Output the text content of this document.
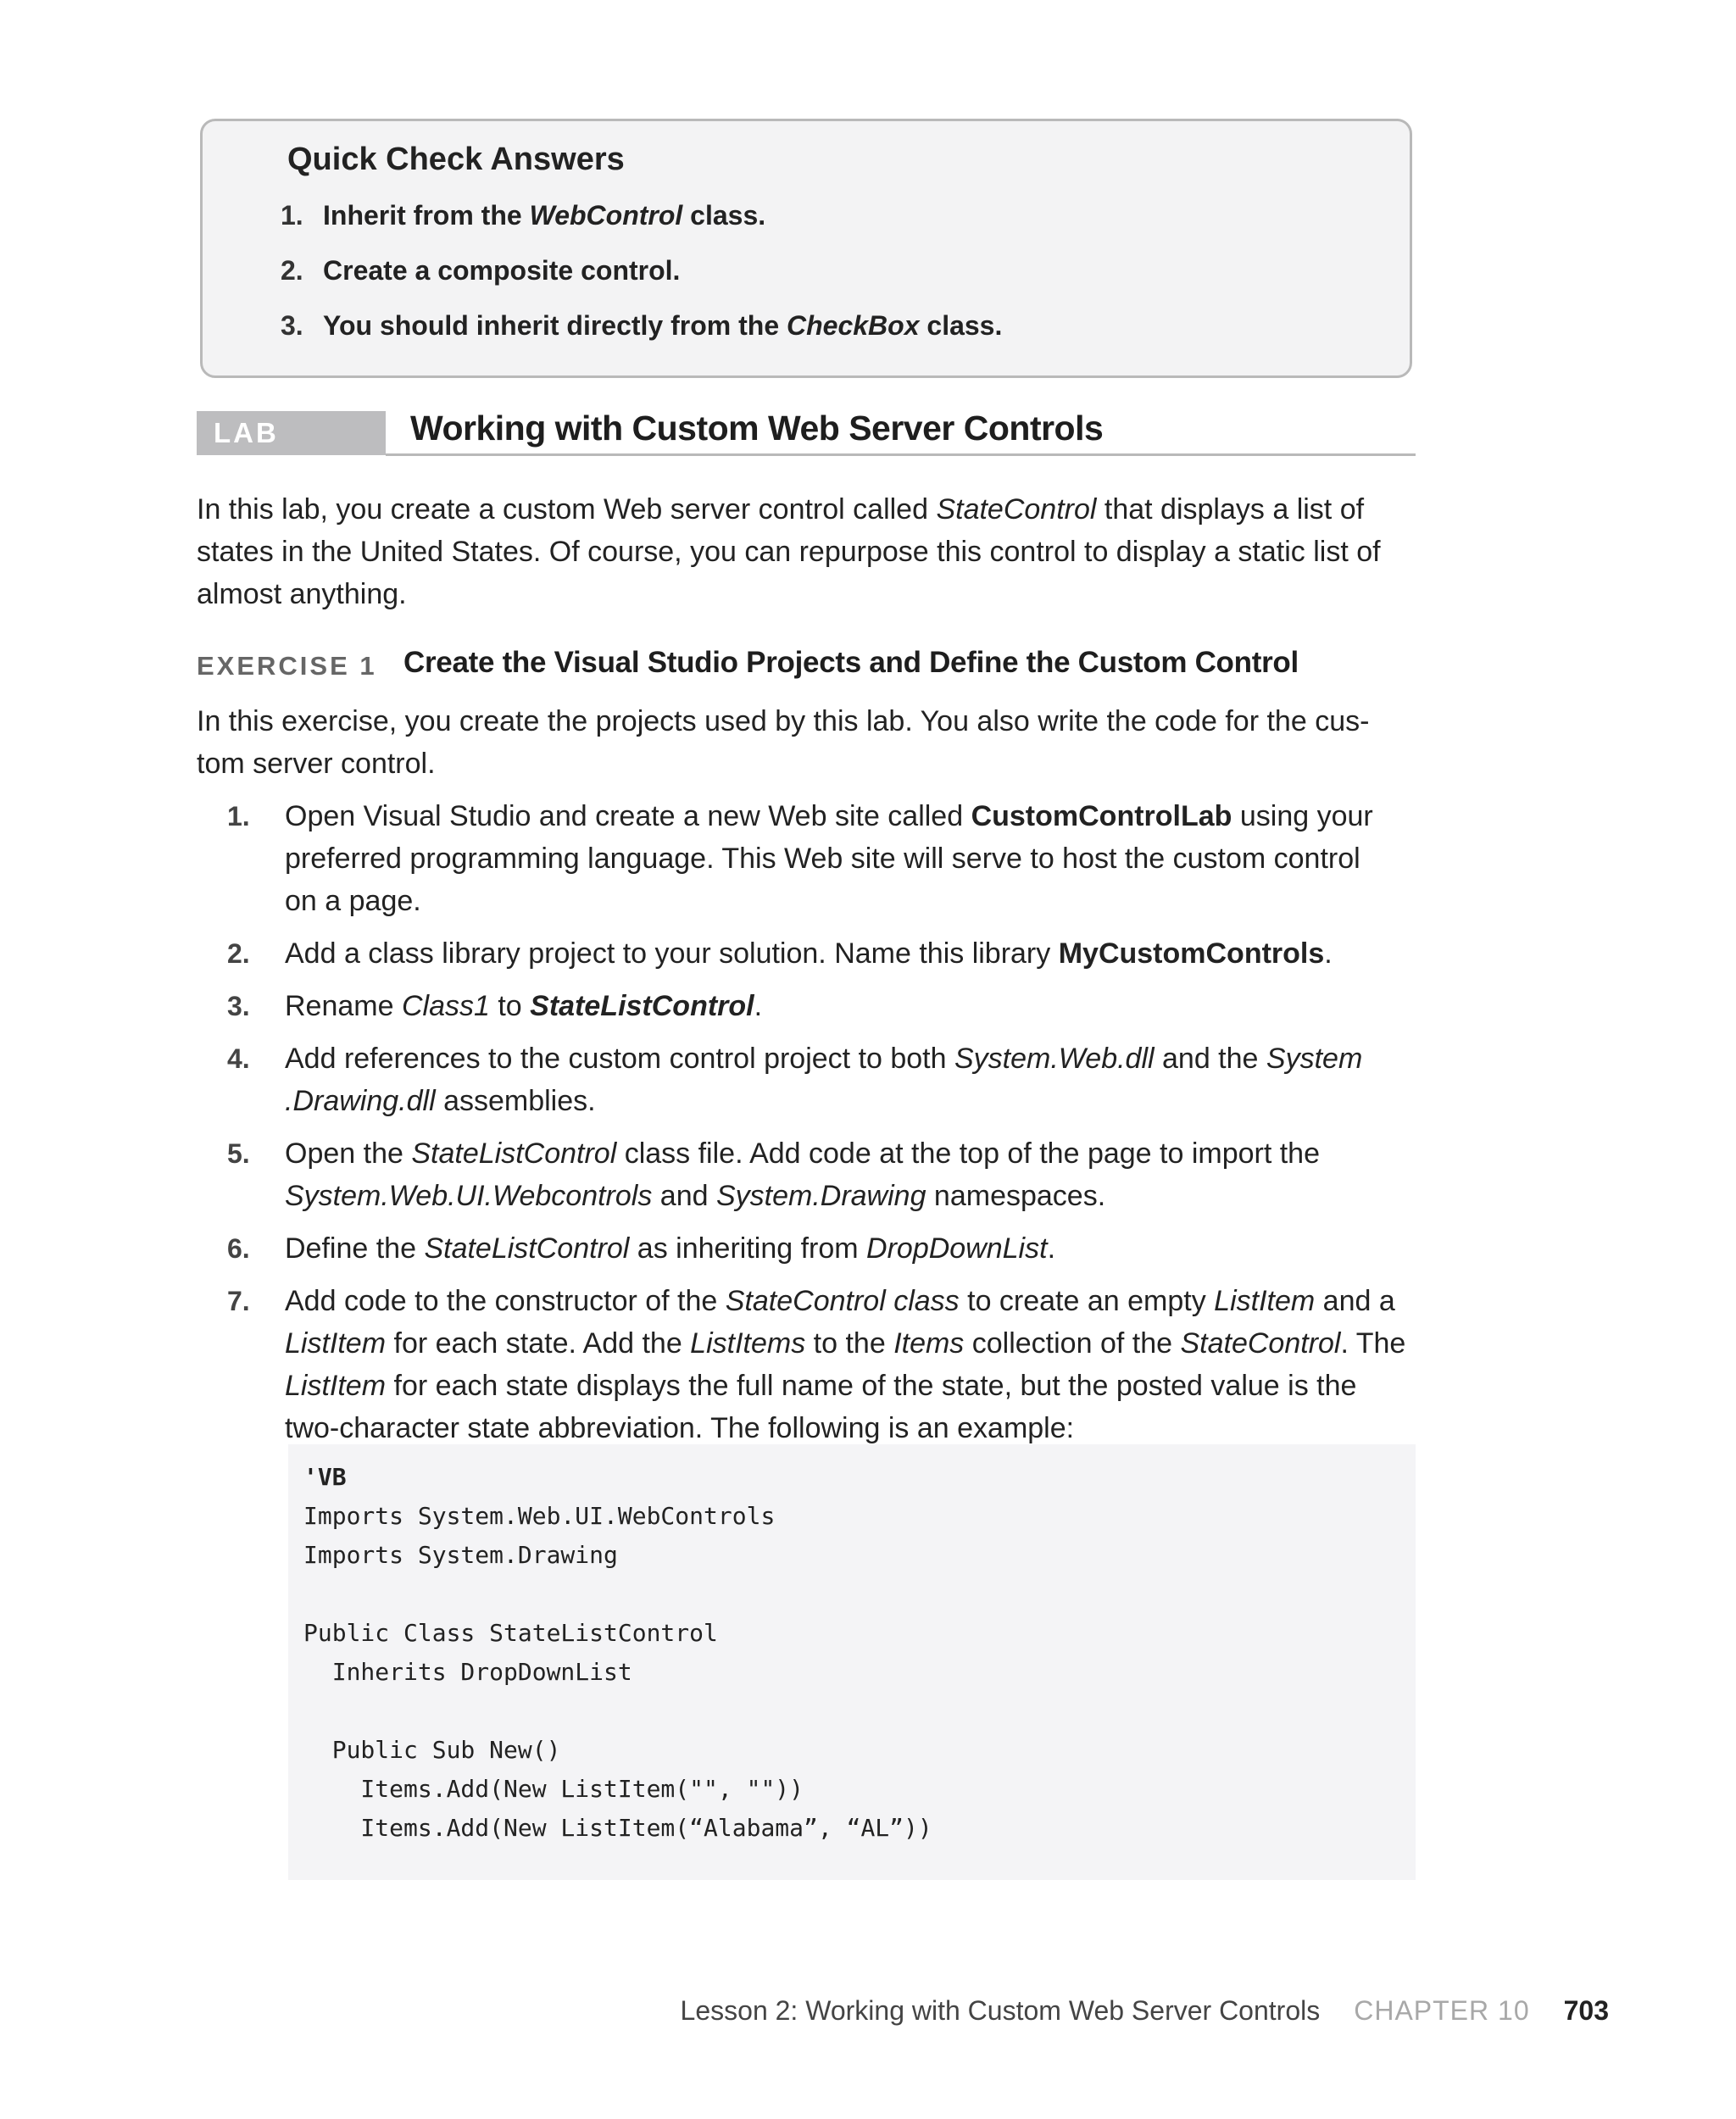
Quick Check Answers
1. Inherit from the WebControl class.
2. Create a composite control.
3. You should inherit directly from the CheckBox class.
LAB	Working with Custom Web Server Controls
In this lab, you create a custom Web server control called StateControl that displays a list of
states in the United States. Of course, you can repurpose this control to display a static list of
almost anything.
EXERCISE 1 Create the Visual Studio Projects and Define the Custom Control
In this exercise, you create the projects used by this lab. You also write the code for the cus-
tom server control.
1. Open Visual Studio and create a new Web site called CustomControlLab using your
preferred programming language. This Web site will serve to host the custom control
on a page.
2. Add a class library project to your solution. Name this library MyCustomControls.
3. Rename Class1 to StateListControl.
4. Add references to the custom control project to both System.Web.dll and the System
.Drawing.dll assemblies.
5. Open the StateListControl class file. Add code at the top of the page to import the
System.Web.UI.Webcontrols and System.Drawing namespaces.
6. Define the StateListControl as inheriting from DropDownList.
7. Add code to the constructor of the StateControl class to create an empty ListItem and a
ListItem for each state. Add the ListItems to the Items collection of the StateControl. The
ListItem for each state displays the full name of the state, but the posted value is the
two-character state abbreviation. The following is an example:
'VB
Imports System.Web.UI.WebControls
Imports System.Drawing
Public Class StateListControl
Inherits DropDownList
Public Sub New()
Items.Add(New ListItem("", ""))
Items.Add(New ListItem(“Alabama”, “AL”))
Lesson 2: Working with Custom Web Server Controls CHAPTER 10 703
